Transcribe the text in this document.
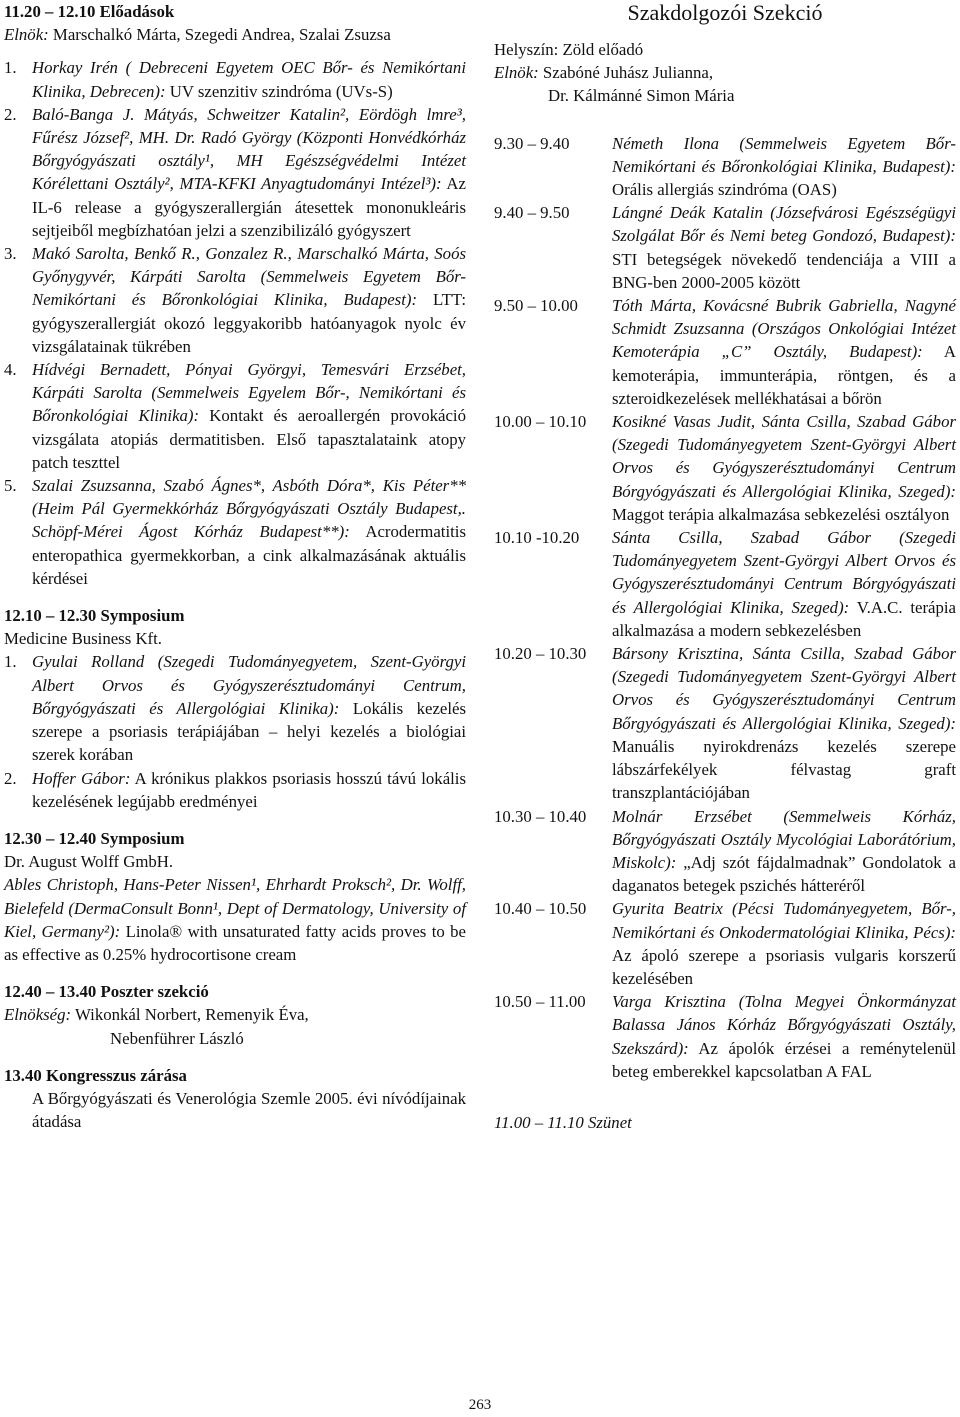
11.20 – 12.10 Előadások

Elnök: Marschalkó Márta, Szegedi Andrea, Szalai Zsuzsa

1. Horkay Irén ( Debreceni Egyetem OEC Bőr- és Nemikórtani Klinika, Debrecen): UV szenzitiv szindróma (UVs-S)

2. Baló-Banga J. Mátyás, Schweitzer Katalin², Eördögh lmre³, Fűrész József², MH. Dr. Radó György (Központi Honvédkórház Bőrgyógyászati osztály¹, MH Egészségvédelmi Intézet Kórélettani Osztály², MTA-KFKI Anyagtudományi Intézel³): Az IL-6 release a gyógyszerallergián átesettek mononukleáris sejtjeiből megbízhatóan jelzi a szenzibilizáló gyógyszert

3. Makó Sarolta, Benkő R., Gonzalez R., Marschalkó Márta, Soós Győnygyvér, Kárpáti Sarolta (Semmelweis Egyetem Bőr-Nemikórtani és Bőronkológiai Klinika, Budapest): LTT: gyógyszerallergiát okozó leggyakoribb hatóanyagok nyolc év vizsgálatainak tükrében

4. Hídvégi Bernadett, Pónyai Györgyi, Temesvári Erzsébet, Kárpáti Sarolta (Semmelweis Egyelem Bőr-, Nemikórtani és Bőronkológiai Klinika): Kontakt és aeroallergén provokáció vizsgálata atopiás dermatitisben. Első tapasztalataink atopy patch teszttel

5. Szalai Zsuzsanna, Szabó Ágnes*, Asbóth Dóra*, Kis Péter** (Heim Pál Gyermekkórház Bőrgyógyászati Osztály Budapest,. Schöpf-Mérei Ágost Kórház Budapest**): Acrodermatitis enteropathica gyermekkorban, a cink alkalmazásának aktuális kérdései

12.10 – 12.30 Symposium

Medicine Business Kft.

1. Gyulai Rolland (Szegedi Tudományegyetem, Szent-Györgyi Albert Orvos és Gyógyszerésztudományi Centrum, Bőrgyógyászati és Allergológiai Klinika): Lokális kezelés szerepe a psoriasis terápiájában – helyi kezelés a biológiai szerek korában

2. Hoffer Gábor: A krónikus plakkos psoriasis hosszú távú lokális kezelésének legújabb eredményei

12.30 – 12.40 Symposium

Dr. August Wolff GmbH.

Ables Christoph, Hans-Peter Nissen¹, Ehrhardt Proksch², Dr. Wolff, Bielefeld (DermaConsult Bonn¹, Dept of Dermatology, University of Kiel, Germany²): Linola® with unsaturated fatty acids proves to be as effective as 0.25% hydrocortisone cream

12.40 – 13.40 Poszter szekció

Elnökség: Wikonkál Norbert, Remenyik Éva,

Nebenführer László

13.40 Kongresszus zárása

A Bőrgyógyászati és Venerológia Szemle 2005. évi nívódíjainak átadása

Szakdolgozói Szekció

Helyszín: Zöld előadó

Elnök: Szabóné Juhász Julianna,

Dr. Kálmánné Simon Mária

9.30 – 9.40	Németh Ilona (Semmelweis Egyetem Bőr-Nemikórtani és Bőronkológiai Klinika, Budapest): Orális allergiás szindróma (OAS)

9.40 – 9.50	Lángné Deák Katalin (Józsefvárosi Egészségügyi Szolgálat Bőr és Nemi beteg Gondozó, Budapest): STI betegségek növekedő tendenciája a VIII a BNG-ben 2000-2005 között

9.50 – 10.00	Tóth Márta, Kovácsné Bubrik Gabriella, Nagyné Schmidt Zsuzsanna (Országos Onkológiai Intézet Kemoterápia „C” Osztály, Budapest): A kemoterápia, immunterápia, röntgen, és a szteroidkezelések mellékhatásai a bőrön

10.00 – 10.10	Kosikné Vasas Judit, Sánta Csilla, Szabad Gábor (Szegedi Tudományegyetem Szent-Györgyi Albert Orvos és Gyógyszerésztudományi Centrum Bórgyógyászati és Allergológiai Klinika, Szeged): Maggot terápia alkalmazása sebkezelési osztályon

10.10 -10.20	Sánta Csilla, Szabad Gábor (Szegedi Tudományegyetem Szent-Györgyi Albert Orvos és Gyógyszerésztudományi Centrum Bórgyógyászati és Allergológiai Klinika, Szeged): V.A.C. terápia alkalmazása a modern sebkezelésben

10.20 – 10.30	Bársony Krisztina, Sánta Csilla, Szabad Gábor (Szegedi Tudományegyetem Szent-Györgyi Albert Orvos és Gyógyszerésztudományi Centrum Bőrgyógyászati és Allergológiai Klinika, Szeged): Manuális nyirokdrenázs kezelés szerepe lábszárfekélyek félvastag graft transzplantációjában

10.30 – 10.40	Molnár Erzsébet (Semmelweis Kórház, Bőrgyógyászati Osztály Mycológiai Laborátórium, Miskolc): „Adj szót fájdalmadnak” Gondolatok a daganatos betegek pszichés hátteréről

10.40 – 10.50	Gyurita Beatrix (Pécsi Tudományegyetem, Bőr-, Nemikórtani és Onkodermatológiai Klinika, Pécs): Az ápoló szerepe a psoriasis vulgaris korszerű kezelésében

10.50 – 11.00	Varga Krisztina (Tolna Megyei Önkormányzat Balassa János Kórház Bőrgyógyászati Osztály, Szekszárd): Az ápolók érzései a reménytelenül beteg emberekkel kapcsolatban A FAL

11.00 – 11.10 Szünet

263
